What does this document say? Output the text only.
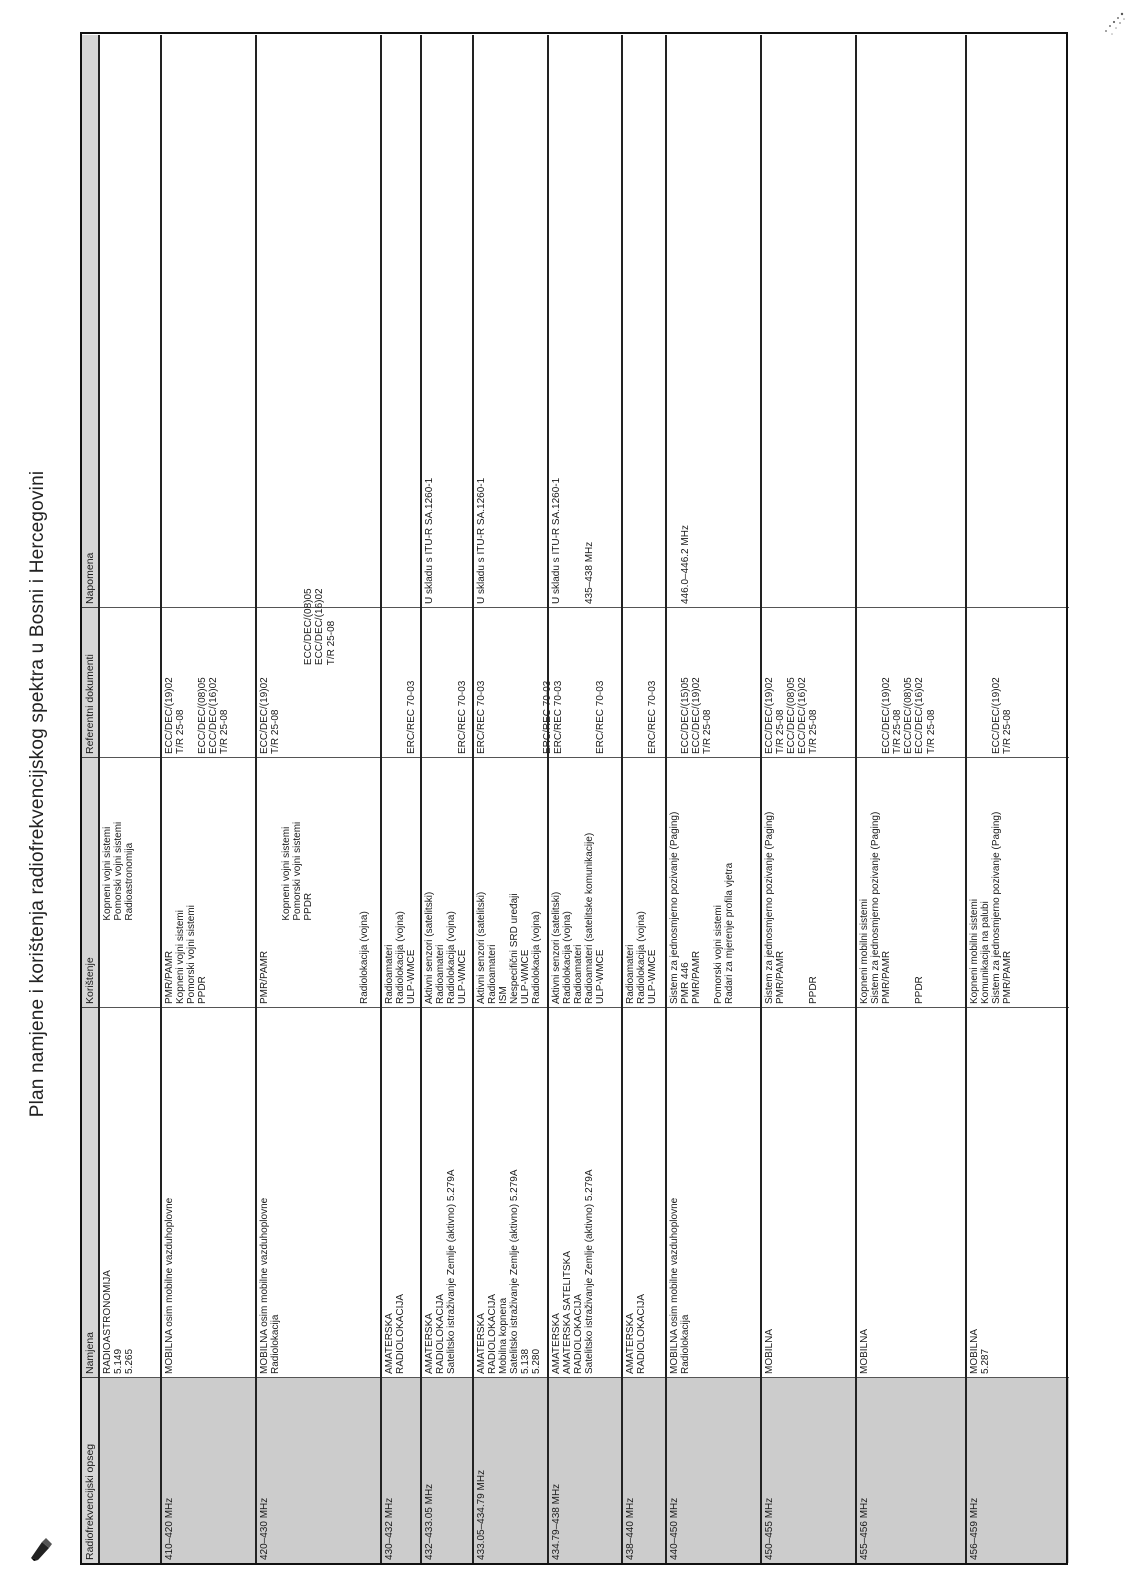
Plan namjene i korištenja radiofrekvencijskog spektra u Bosni i Hercegovini
Radiofrekvencijski opseg
Namjena
Korištenje
Referentni dokumenti
Napomena
RADIOASTRONOMIJA
5.149
5.265
Kopneni vojni sistemi
Pomorski vojni sistemi
Radioastronomija
410–420 MHz
MOBILNA osim mobilne vazduhoplovne
PMR/PAMR
Kopneni vojni sistemi
Pomorski vojni sistemi
PPDR
ECC/DEC/(19)02
T/R 25-08

ECC/DEC/(08)05
ECC/DEC/(16)02
T/R 25-08
420–430 MHz
MOBILNA osim mobilne vazduhoplovne
Radiolokacija
PMR/PAMR

Kopneni vojni sistemi
Pomorski vojni sistemi
PPDR

Radiolokacija (vojna)
ECC/DEC/(19)02
T/R 25-08

ECC/DEC/(08)05
ECC/DEC/(16)02
T/R 25-08
430–432 MHz
AMATERSKA
RADIOLOKACIJA
Radioamateri
Radiolokacija (vojna)
ULP-WMCE

ERC/REC 70-03
432–433.05 MHz
AMATERSKA
RADIOLOKACIJA
Satelitsko istraživanje Zemlje (aktivno) 5.279A
Aktivni senzori (satelitski)
Radioamateri
Radiolokacija (vojna)
ULP-WMCE
ERC/REC 70-03
U skladu s ITU-R SA.1260-1
433.05–434.79 MHz
AMATERSKA
RADIOLOKACIJA
Mobilna kopnena
Satelitsko istraživanje Zemlje (aktivno) 5.279A
5.138
5.280
Aktivni senzori (satelitski)
Radioamateri
ISM
Nespecifični SRD uređaji
ULP-WMCE
Radiolokacija (vojna)
ERC/REC 70-03	

ERC/REC 70-03
ERC/REC 70-03
U skladu s ITU-R SA.1260-1
434.79–438 MHz
AMATERSKA
AMATERSKA SATELITSKA
RADIOLOKACIJA
Satelitsko istraživanje Zemlje (aktivno) 5.279A
Aktivni senzori (satelitski)
Radiolokacija (vojna)
Radioamateri
Radioamateri (satelitske komunikacije)
ULP-WMCE

ERC/REC 70-03
U skladu s ITU-R SA.1260-1

435–438 MHz
438–440 MHz
AMATERSKA
RADIOLOKACIJA
Radioamateri
Radiolokacija (vojna)
ULP-WMCE

ERC/REC 70-03
440–450 MHz
MOBILNA osim mobilne vazduhoplovne
Radiolokacija
Sistem za jednosmjerno pozivanje (Paging)
PMR 446
PMR/PAMR

Pomorski vojni sistemi
Radari za mjerenje profila vjetra

ECC/DEC/(15)05
ECC/DEC/(19)02
T/R 25-08

446.0–446.2 MHz
450–455 MHz
MOBILNA
Sistem za jednosmjerno pozivanje (Paging)
PMR/PAMR

PPDR
ECC/DEC/(19)02
T/R 25-08
ECC/DEC/(08)05
ECC/DEC/(16)02
T/R 25-08
455–456 MHz
MOBILNA
Kopneni mobilni sistemi
Sistem za jednosmjerno pozivanje (Paging)
PMR/PAMR

PPDR

ECC/DEC/(19)02
T/R 25-08
ECC/DEC/(08)05
ECC/DEC/(16)02
T/R 25-08
456–459 MHz
MOBILNA
5.287
Kopneni mobilni sistemi
Komunikacija na palubi
Sistem za jednosmjerno pozivanje (Paging)
PMR/PAMR

ECC/DEC/(19)02
T/R 25-08
